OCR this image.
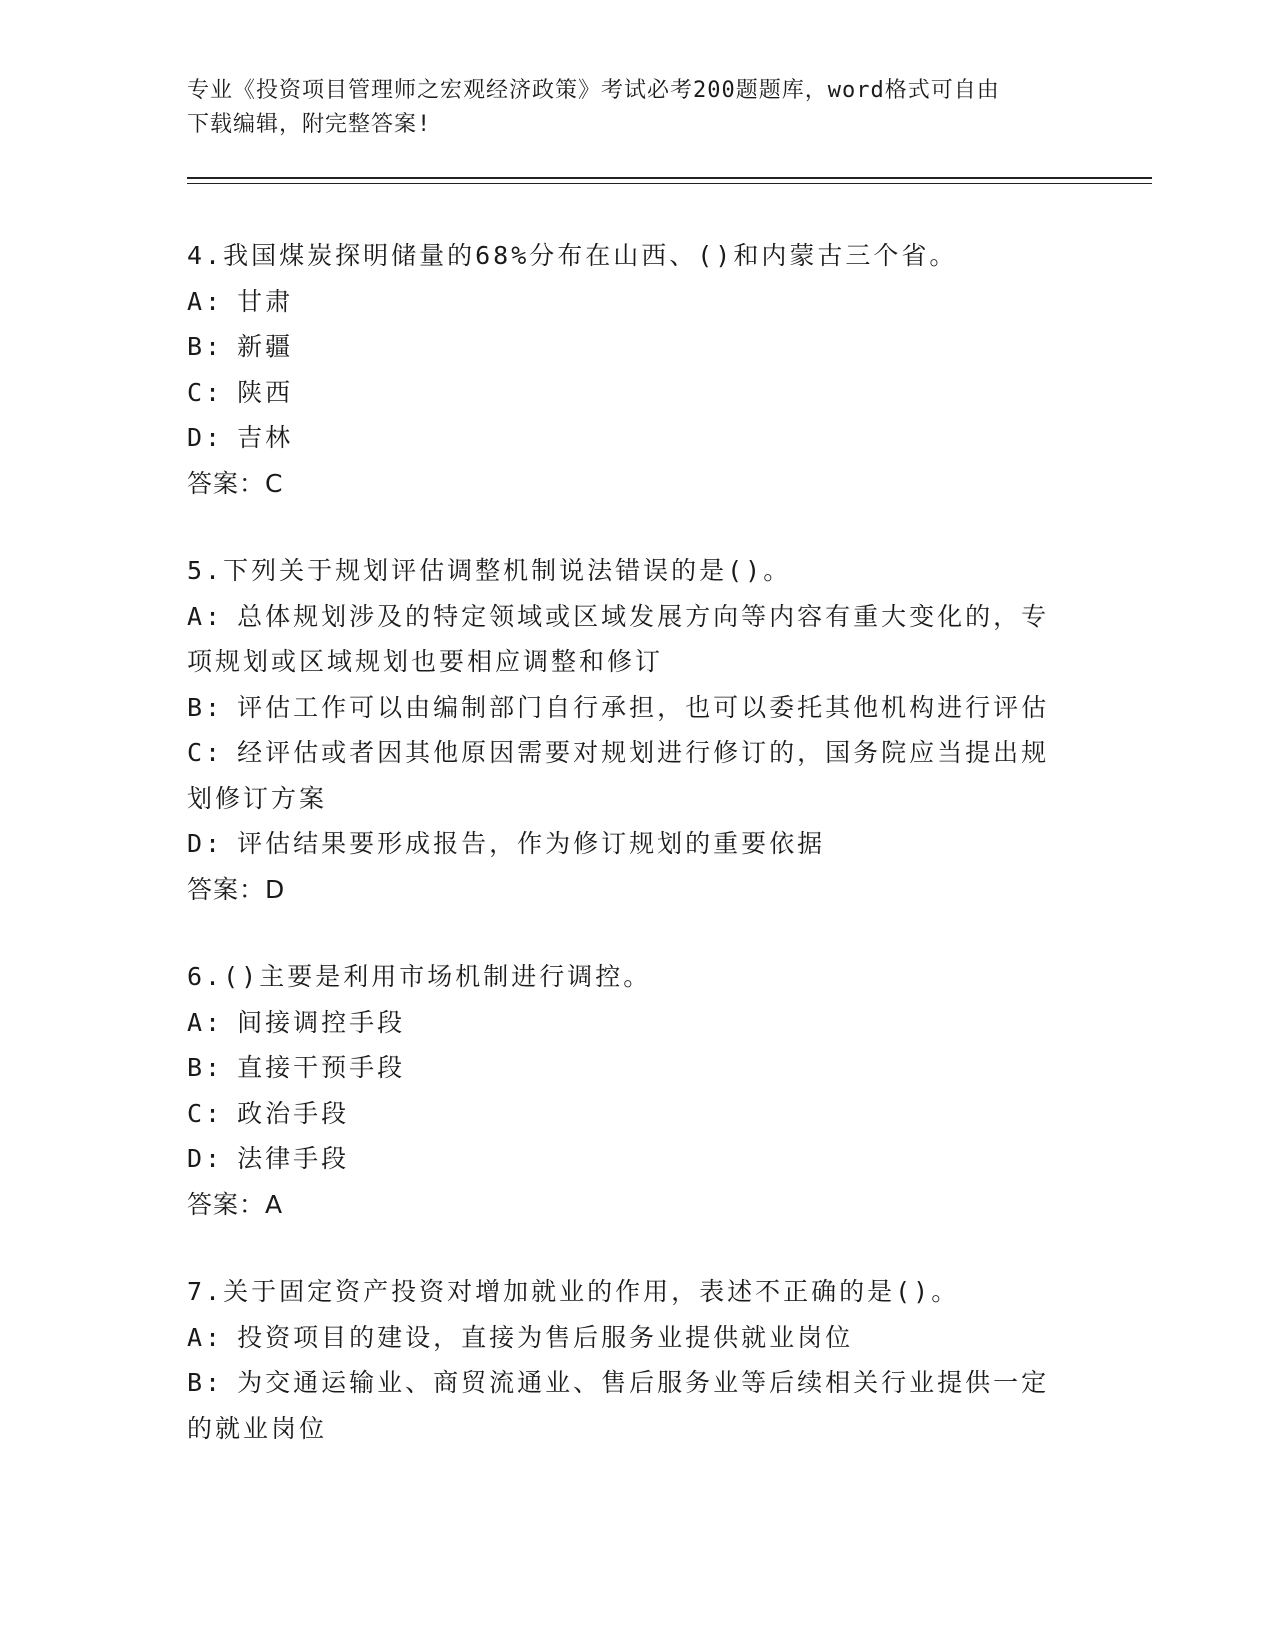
专业《投资项目管理师之宏观经济政策》考试必考200题题库，word格式可自由
下载编辑，附完整答案!
4.我国煤炭探明储量的68%分布在山西、()和内蒙古三个省。
A: 甘肃
B: 新疆
C: 陕西
D: 吉林
答案：C
5.下列关于规划评估调整机制说法错误的是()。
A: 总体规划涉及的特定领域或区域发展方向等内容有重大变化的，专项规划或区域规划也要相应调整和修订
B: 评估工作可以由编制部门自行承担，也可以委托其他机构进行评估
C: 经评估或者因其他原因需要对规划进行修订的，国务院应当提出规划修订方案
D: 评估结果要形成报告，作为修订规划的重要依据
答案：D
6.()主要是利用市场机制进行调控。
A: 间接调控手段
B: 直接干预手段
C: 政治手段
D: 法律手段
答案：A
7.关于固定资产投资对增加就业的作用，表述不正确的是()。
A: 投资项目的建设，直接为售后服务业提供就业岗位
B: 为交通运输业、商贸流通业、售后服务业等后续相关行业提供一定的就业岗位
